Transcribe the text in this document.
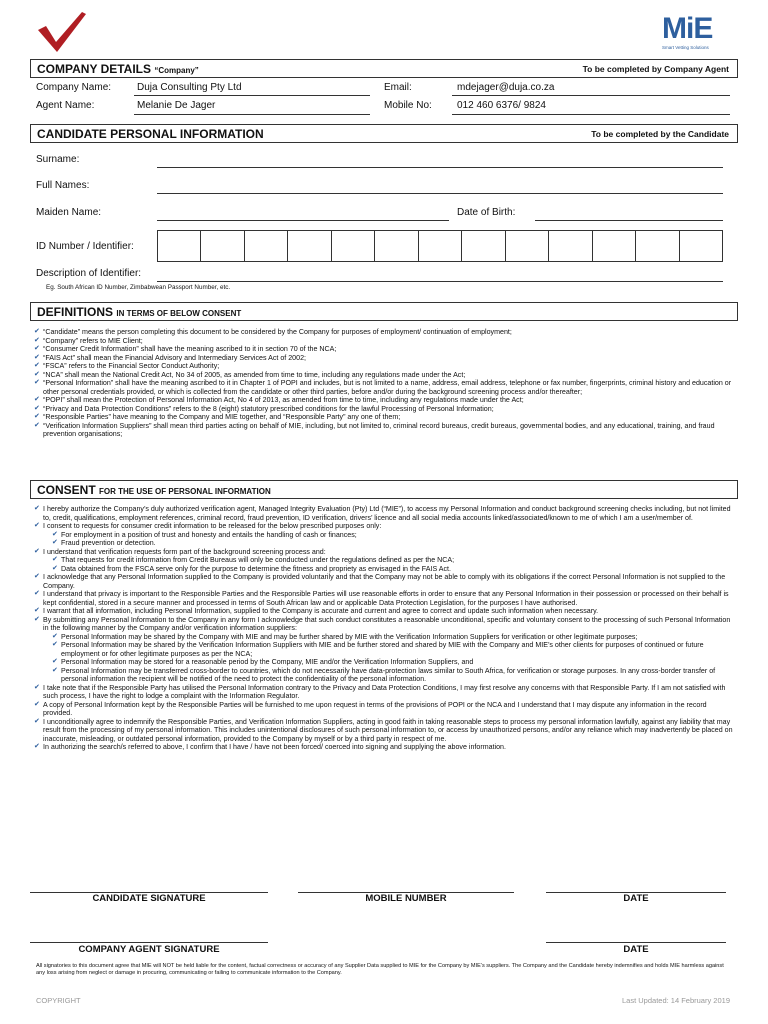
MiE
Smart Vetting Solutions
COMPANY DETAILS “Company”	To be completed by Company Agent
Company Name:	Duja Consulting Pty Ltd	Email:	mdejager@duja.co.za
Agent Name:	Melanie De Jager	Mobile No:	012 460 6376/ 9824
CANDIDATE PERSONAL INFORMATION	To be completed by the Candidate
Surname:
Full Names:
Maiden Name:	Date of Birth:
ID Number / Identifier:
Description of Identifier:
Eg. South African ID Number, Zimbabwean Passport Number, etc.
DEFINITIONS IN TERMS OF BELOW CONSENT
✔ “Candidate” means the person completing this document to be considered by the Company for purposes of employment/ continuation of employment;
✔ “Company” refers to MIE Client;
✔ “Consumer Credit Information” shall have the meaning ascribed to it in section 70 of the NCA;
✔ “FAIS Act” shall mean the Financial Advisory and Intermediary Services Act of 2002;
✔ “FSCA” refers to the Financial Sector Conduct Authority;
✔ “NCA” shall mean the National Credit Act, No 34 of 2005, as amended from time to time, including any regulations made under the Act;
✔ “Personal Information” shall have the meaning ascribed to it in Chapter 1 of POPI and includes, but is not limited to a name, address, email address, telephone or fax number, fingerprints, criminal history and education or other personal credentials provided, or which is collected from the candidate or other third parties, before and/or during the background screening process and/or thereafter;
✔ “POPI” shall mean the Protection of Personal Information Act, No 4 of 2013, as amended from time to time, including any regulations made under the Act;
✔ “Privacy and Data Protection Conditions” refers to the 8 (eight) statutory prescribed conditions for the lawful Processing of Personal Information;
✔ “Responsible Parties” have meaning to the Company and MIE together, and “Responsible Party” any one of them;
✔ “Verification Information Suppliers” shall mean third parties acting on behalf of MIE, including, but not limited to, criminal record bureaus, credit bureaus, governmental bodies, and any educational, training, and fraud prevention organisations;
CONSENT FOR THE USE OF PERSONAL INFORMATION
✔ I hereby authorize the Company’s duly authorized verification agent, Managed Integrity Evaluation (Pty) Ltd (“MIE”), to access my Personal Information and conduct background screening checks including, but not limited to, credit, qualifications, employment references, criminal record, fraud prevention, ID verification, drivers’ licence and all social media accounts linked/associated/known to me of which I am a user/member of.
✔ I consent to requests for consumer credit information to be released for the below prescribed purposes only:
✔ For employment in a position of trust and honesty and entails the handling of cash or finances;
✔ Fraud prevention or detection.
✔ I understand that verification requests form part of the background screening process and:
✔ That requests for credit information from Credit Bureaus will only be conducted under the regulations defined as per the NCA;
✔ Data obtained from the FSCA serve only for the purpose to determine the fitness and propriety as envisaged in the FAIS Act.
✔ I acknowledge that any Personal Information supplied to the Company is provided voluntarily and that the Company may not be able to comply with its obligations if the correct Personal Information is not supplied to the Company.
✔ I understand that privacy is important to the Responsible Parties and the Responsible Parties will use reasonable efforts in order to ensure that any Personal Information in their possession or processed on their behalf is kept confidential, stored in a secure manner and processed in terms of South African law and or applicable Data Protection Legislation, for the purposes I have authorised.
✔ I warrant that all information, including Personal Information, supplied to the Company is accurate and current and agree to correct and update such information when necessary.
✔ By submitting any Personal Information to the Company in any form I acknowledge that such conduct constitutes a reasonable unconditional, specific and voluntary consent to the processing of such Personal Information in the following manner by the Company and/or verification information suppliers:
✔ Personal Information may be shared by the Company with MIE and may be further shared by MIE with the Verification Information Suppliers for verification or other legitimate purposes;
✔ Personal Information may be shared by the Verification Information Suppliers with MIE and be further stored and shared by MIE with the Company and MIE’s other clients for purposes of continued or future employment or for other legitimate purposes as per the NCA;
✔ Personal Information may be stored for a reasonable period by the Company, MIE and/or the Verification Information Suppliers, and
✔ Personal Information may be transferred cross-border to countries, which do not necessarily have data-protection laws similar to South Africa, for verification or storage purposes. In any cross-border transfer of personal information the recipient will be notified of the need to protect the confidentiality of the personal information.
✔ I take note that if the Responsible Party has utilised the Personal Information contrary to the Privacy and Data Protection Conditions, I may first resolve any concerns with that Responsible Party. If I am not satisfied with such process, I have the right to lodge a complaint with the Information Regulator.
✔ A copy of Personal Information kept by the Responsible Parties will be furnished to me upon request in terms of the provisions of POPI or the NCA and I understand that I may dispute any information in the record provided.
✔ I unconditionally agree to indemnify the Responsible Parties, and Verification Information Suppliers, acting in good faith in taking reasonable steps to process my personal information lawfully, against any liability that may result from the processing of my personal information. This includes unintentional disclosures of such personal information to, or access by unauthorized persons, and/or any reliance which may inadvertently be placed on inaccurate, misleading, or outdated personal information, provided to the Company by myself or by a third party in respect of me.
✔ In authorizing the search/s referred to above, I confirm that I have / have not been forced/ coerced into signing and supplying the above information.
CANDIDATE SIGNATURE	MOBILE NUMBER	DATE
COMPANY AGENT SIGNATURE	DATE
All signatories to this document agree that MIE will NOT be held liable for the content, factual correctness or accuracy of any Supplier Data supplied to MIE for the Company by MIE’s suppliers. The Company and the Candidate hereby indemnifies and holds MIE harmless against any loss arising from neglect or damage in procuring, communicating or failing to communicate information to the Company.
COPYRIGHT	Last Updated: 14 February 2019
